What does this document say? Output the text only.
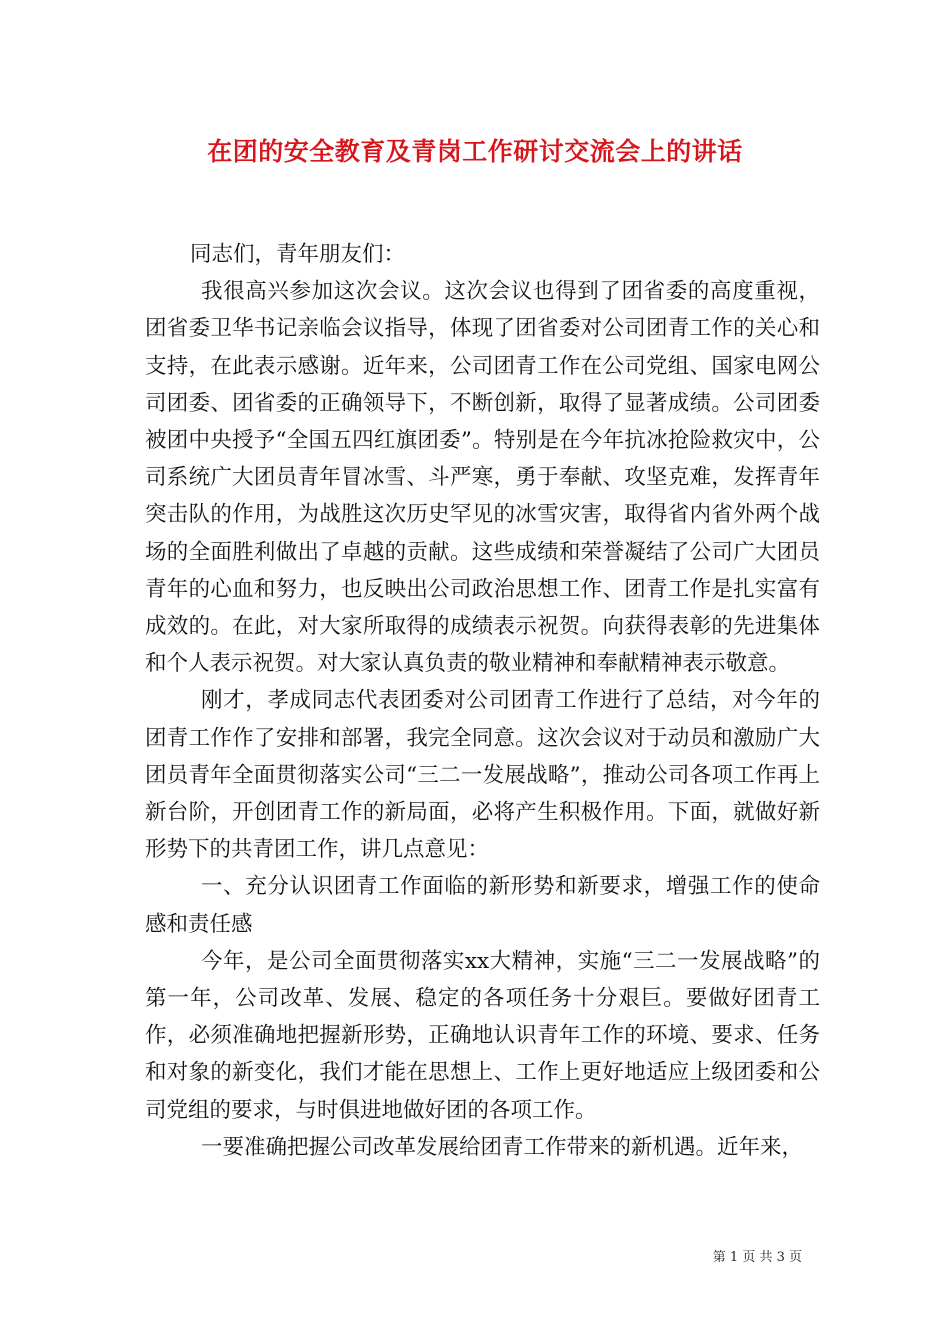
在团的安全教育及青岗工作研讨交流会上的讲话

同志们，青年朋友们：

我很高兴参加这次会议。这次会议也得到了团省委的高度重视，团省委卫华书记亲临会议指导，体现了团省委对公司团青工作的关心和支持，在此表示感谢。近年来，公司团青工作在公司党组、国家电网公司团委、团省委的正确领导下，不断创新，取得了显著成绩。公司团委被团中央授予“全国五四红旗团委”。特别是在今年抗冰抢险救灾中，公司系统广大团员青年冒冰雪、斗严寒，勇于奉献、攻坚克难，发挥青年突击队的作用，为战胜这次历史罕见的冰雪灾害，取得省内省外两个战场的全面胜利做出了卓越的贡献。这些成绩和荣誉凝结了公司广大团员青年的心血和努力，也反映出公司政治思想工作、团青工作是扎实富有成效的。在此，对大家所取得的成绩表示祝贺。向获得表彰的先进集体和个人表示祝贺。对大家认真负责的敬业精神和奉献精神表示敬意。

刚才，孝成同志代表团委对公司团青工作进行了总结，对今年的团青工作作了安排和部署，我完全同意。这次会议对于动员和激励广大团员青年全面贯彻落实公司“三二一发展战略”，推动公司各项工作再上新台阶，开创团青工作的新局面，必将产生积极作用。下面，就做好新形势下的共青团工作，讲几点意见：

一、充分认识团青工作面临的新形势和新要求，增强工作的使命感和责任感

今年，是公司全面贯彻落实xx大精神，实施“三二一发展战略”的第一年，公司改革、发展、稳定的各项任务十分艰巨。要做好团青工作，必须准确地把握新形势，正确地认识青年工作的环境、要求、任务和对象的新变化，我们才能在思想上、工作上更好地适应上级团委和公司党组的要求，与时俱进地做好团的各项工作。

一要准确把握公司改革发展给团青工作带来的新机遇。近年来，

第 1 页 共 3 页
